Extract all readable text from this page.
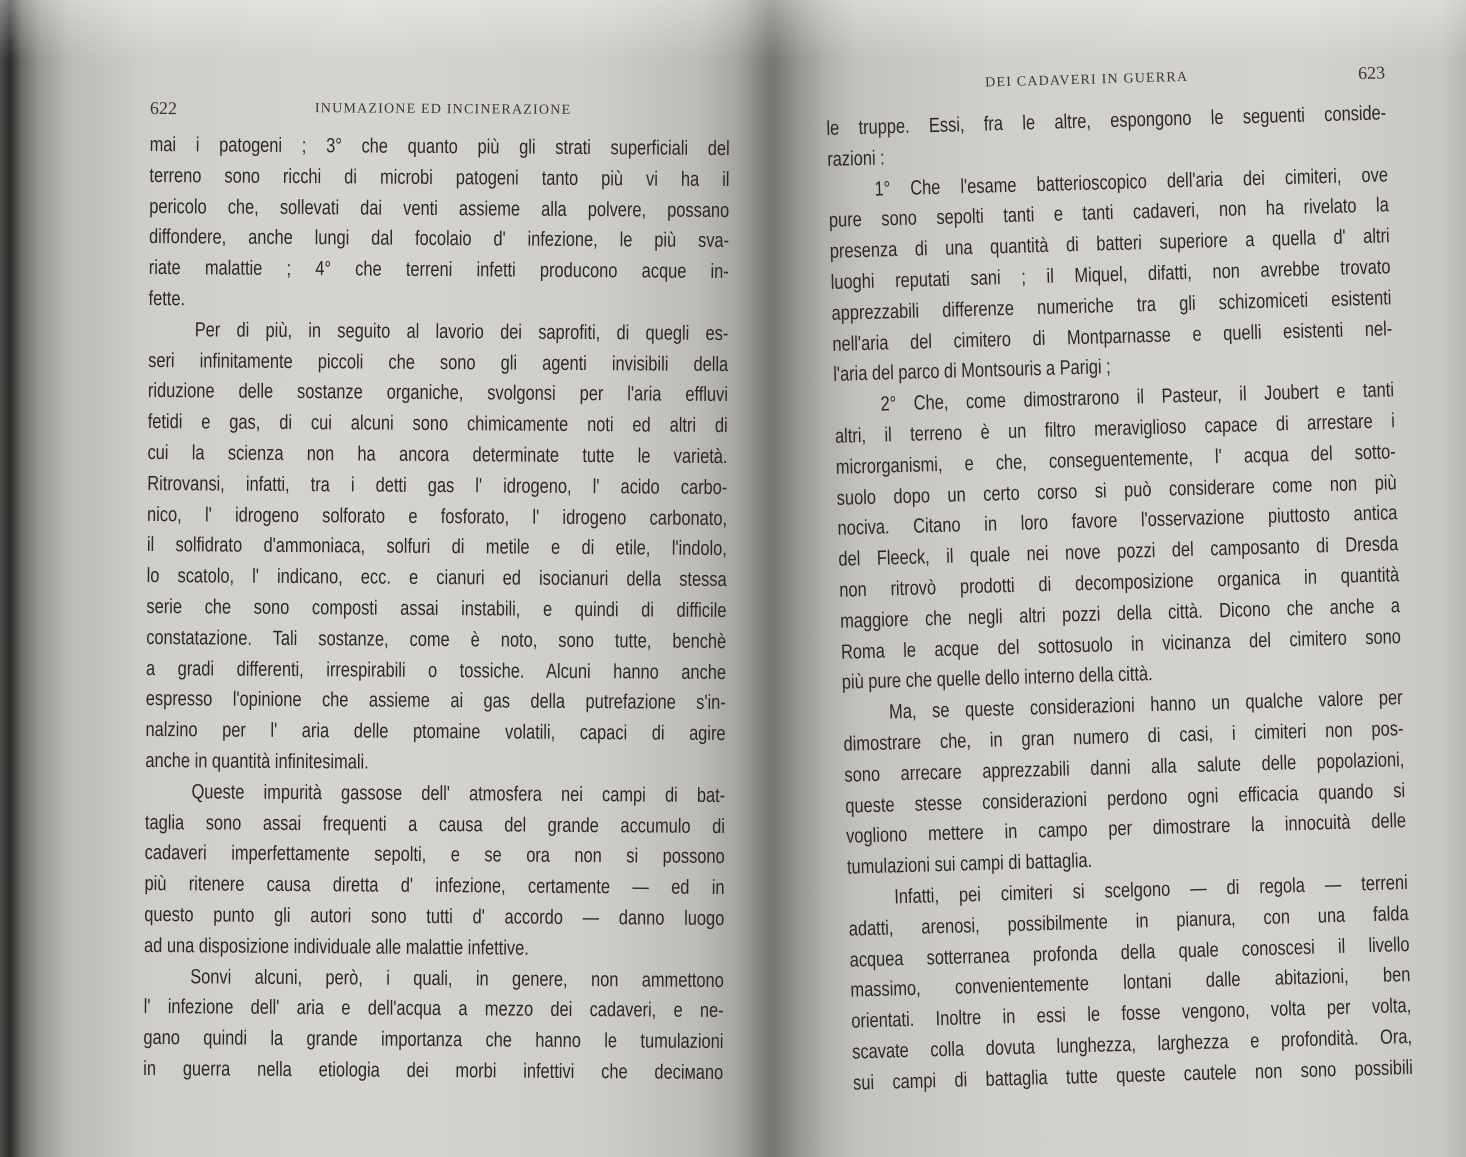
622	INUMAZIONE ED INCINERAZIONE
mai i patogeni ; 3° che quanto più gli strati superficiali del
terreno sono ricchi di microbi patogeni tanto più vi ha il
pericolo che, sollevati dai venti assieme alla polvere, possano
diffondere, anche lungi dal focolaio d' infezione, le più sva-
riate malattie ; 4° che terreni infetti producono acque in-
fette.
Per di più, in seguito al lavorio dei saprofiti, di quegli es-
seri infinitamente piccoli che sono gli agenti invisibili della
riduzione delle sostanze organiche, svolgonsi per l'aria effluvi
fetidi e gas, di cui alcuni sono chimicamente noti ed altri di
cui la scienza non ha ancora determinate tutte le varietà.
Ritrovansi, infatti, tra i detti gas l' idrogeno, l' acido carbo-
nico, l' idrogeno solforato e fosforato, l' idrogeno carbonato,
il solfidrato d'ammoniaca, solfuri di metile e di etile, l'indolo,
lo scatolo, l' indicano, ecc. e cianuri ed isocianuri della stessa
serie che sono composti assai instabili, e quindi di difficile
constatazione. Tali sostanze, come è noto, sono tutte, benchè
a gradi differenti, irrespirabili o tossiche. Alcuni hanno anche
espresso l'opinione che assieme ai gas della putrefazione s'in-
nalzino per l' aria delle ptomaine volatili, capaci di agire
anche in quantità infinitesimali.
Queste impurità gassose dell' atmosfera nei campi di bat-
taglia sono assai frequenti a causa del grande accumulo di
cadaveri imperfettamente sepolti, e se ora non si possono
più ritenere causa diretta d' infezione, certamente — ed in
questo punto gli autori sono tutti d' accordo — danno luogo
ad una disposizione individuale alle malattie infettive.
Sonvi alcuni, però, i quali, in genere, non ammettono
l' infezione dell' aria e dell'acqua a mezzo dei cadaveri, e ne-
gano quindi la grande importanza che hanno le tumulazioni
in guerra nella etiologia dei morbi infettivi che deciмano
DEI CADAVERI IN GUERRA	623
le truppe. Essi, fra le altre, espongono le seguenti conside-
razioni :
1° Che l'esame batterioscopico dell'aria dei cimiteri, ove
pure sono sepolti tanti e tanti cadaveri, non ha rivelato la
presenza di una quantità di batteri superiore a quella d' altri
luoghi reputati sani ; il Miquel, difatti, non avrebbe trovato
apprezzabili differenze numeriche tra gli schizomiceti esistenti
nell'aria del cimitero di Montparnasse e quelli esistenti nel-
l'aria del parco di Montsouris a Parigi ;
2° Che, come dimostrarono il Pasteur, il Joubert e tanti
altri, il terreno è un filtro meraviglioso capace di arrestare i
microrganismi, e che, conseguentemente, l' acqua del sotto-
suolo dopo un certo corso si può considerare come non più
nociva. Citano in loro favore l'osservazione piuttosto antica
del Fleeck, il quale nei nove pozzi del camposanto di Dresda
non ritrovò prodotti di decomposizione organica in quantità
maggiore che negli altri pozzi della città. Dicono che anche a
Roma le acque del sottosuolo in vicinanza del cimitero sono
più pure che quelle dello interno della città.
Ma, se queste considerazioni hanno un qualche valore per
dimostrare che, in gran numero di casi, i cimiteri non pos-
sono arrecare apprezzabili danni alla salute delle popolazioni,
queste stesse considerazioni perdono ogni efficacia quando si
vogliono mettere in campo per dimostrare la innocuità delle
tumulazioni sui campi di battaglia.
Infatti, pei cimiteri si scelgono — di regola — terreni
adatti, arenosi, possibilmente in pianura, con una falda
acquea sotterranea profonda della quale conoscesi il livello
massimo, convenientemente lontani dalle abitazioni, ben
orientati. Inoltre in essi le fosse vengono, volta per volta,
scavate colla dovuta lunghezza, larghezza e profondità. Ora,
sui campi di battaglia tutte queste cautele non sono possibili
